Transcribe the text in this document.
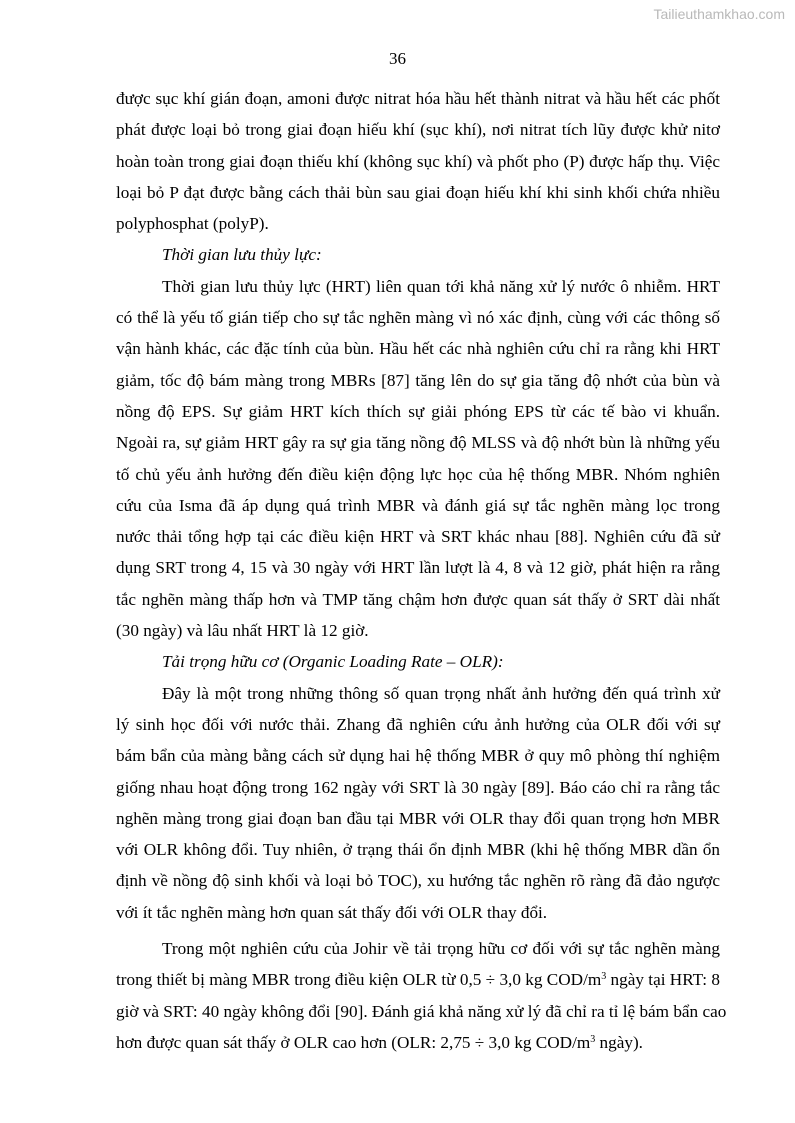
Tailieuthamkhao.com
36
được sục khí gián đoạn, amoni được nitrat hóa hầu hết thành nitrat và hầu hết các phốt
phát được loại bỏ trong giai đoạn hiếu khí (sục khí), nơi nitrat tích lũy được khử nitơ
hoàn toàn trong giai đoạn thiếu khí (không sục khí) và phốt pho (P) được hấp thụ. Việc
loại bỏ P đạt được bằng cách thải bùn sau giai đoạn hiếu khí khi sinh khối chứa nhiều
polyphosphat (polyP).
Thời gian lưu thủy lực:
Thời gian lưu thủy lực (HRT) liên quan tới khả năng xử lý nước ô nhiễm. HRT
có thể là yếu tố gián tiếp cho sự tắc nghẽn màng vì nó xác định, cùng với các thông số
vận hành khác, các đặc tính của bùn. Hầu hết các nhà nghiên cứu chỉ ra rằng khi HRT
giảm, tốc độ bám màng trong MBRs [87] tăng lên do sự gia tăng độ nhớt của bùn và
nồng độ EPS. Sự giảm HRT kích thích sự giải phóng EPS từ các tế bào vi khuẩn.
Ngoài ra, sự giảm HRT gây ra sự gia tăng nồng độ MLSS và độ nhớt bùn là những yếu
tố chủ yếu ảnh hưởng đến điều kiện động lực học của hệ thống MBR. Nhóm nghiên
cứu của Isma đã áp dụng quá trình MBR và đánh giá sự tắc nghẽn màng lọc trong
nước thải tổng hợp tại các điều kiện HRT và SRT khác nhau [88]. Nghiên cứu đã sử
dụng SRT trong 4, 15 và 30 ngày với HRT lần lượt là 4, 8 và 12 giờ, phát hiện ra rằng
tắc nghẽn màng thấp hơn và TMP tăng chậm hơn được quan sát thấy ở SRT dài nhất
(30 ngày) và lâu nhất HRT là 12 giờ.
Tải trọng hữu cơ (Organic Loading Rate – OLR):
Đây là một trong những thông số quan trọng nhất ảnh hưởng đến quá trình xử
lý sinh học đối với nước thải. Zhang đã nghiên cứu ảnh hưởng của OLR đối với sự
bám bẩn của màng bằng cách sử dụng hai hệ thống MBR ở quy mô phòng thí nghiệm
giống nhau hoạt động trong 162 ngày với SRT là 30 ngày [89]. Báo cáo chỉ ra rằng tắc
nghẽn màng trong giai đoạn ban đầu tại MBR với OLR thay đổi quan trọng hơn MBR
với OLR không đổi. Tuy nhiên, ở trạng thái ổn định MBR (khi hệ thống MBR dần ổn
định về nồng độ sinh khối và loại bỏ TOC), xu hướng tắc nghẽn rõ ràng đã đảo ngược
với ít tắc nghẽn màng hơn quan sát thấy đối với OLR thay đổi.
Trong một nghiên cứu của Johir về tải trọng hữu cơ đối với sự tắc nghẽn màng
trong thiết bị màng MBR trong điều kiện OLR từ 0,5 ÷ 3,0 kg COD/$m^3$ ngày tại HRT: 8
giờ và SRT: 40 ngày không đổi [90]. Đánh giá khả năng xử lý đã chỉ ra tỉ lệ bám bẩn cao
hơn được quan sát thấy ở OLR cao hơn (OLR: 2,75 ÷ 3,0 kg COD/$m^3$ ngày).
